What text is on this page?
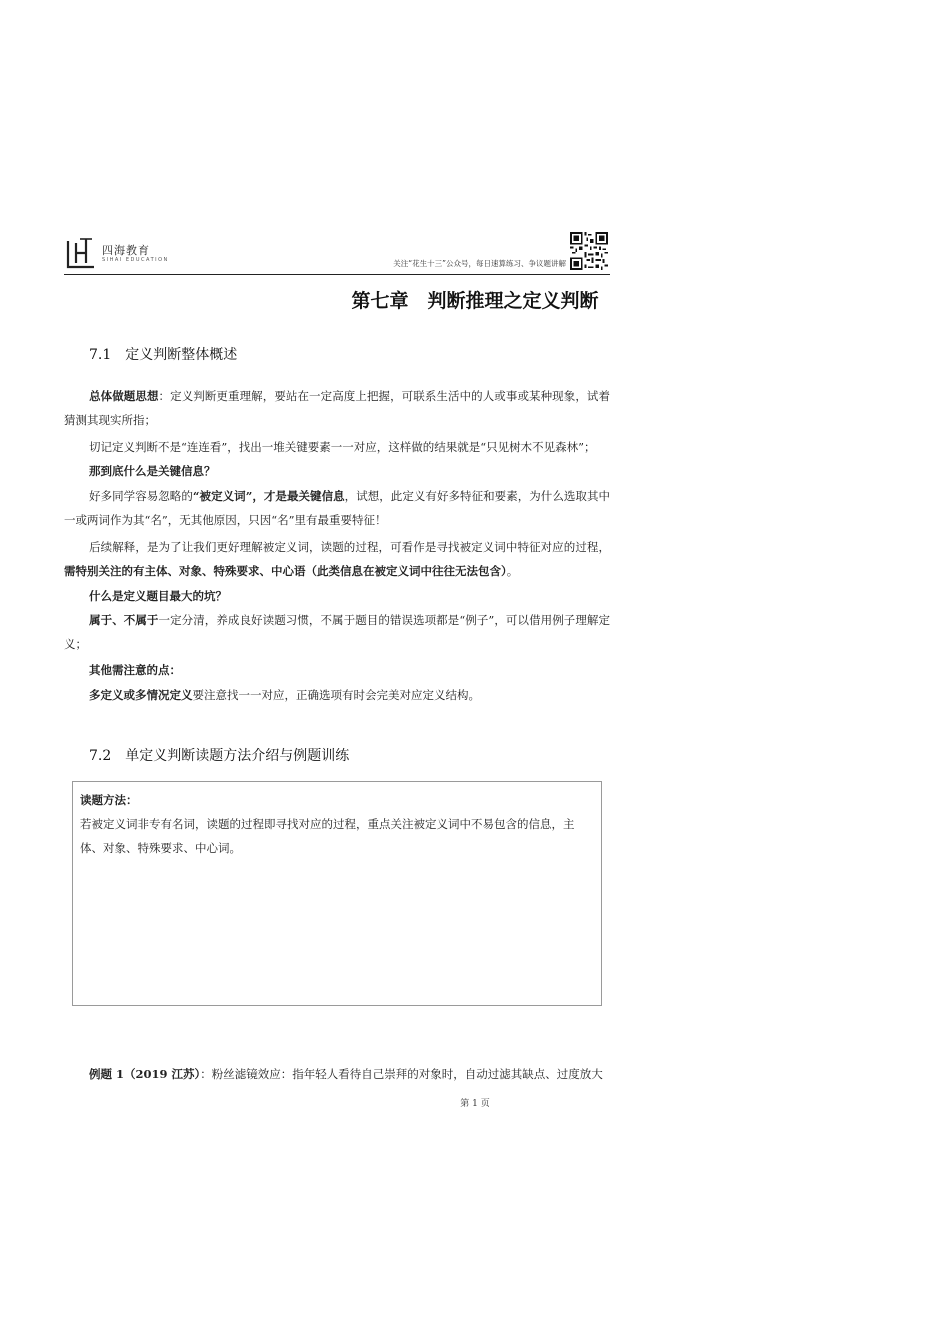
四海教育
SIHAI EDUCATION	关注“花生十三”公众号，每日速算练习、争议题讲解
第七章　判断推理之定义判断
7.1　定义判断整体概述
总体做题思想：定义判断更重理解，要站在一定高度上把握，可联系生活中的人或事或某种现象，试着猜测其现实所指；
切记定义判断不是“连连看”，找出一堆关键要素一一对应，这样做的结果就是“只见树木不见森林”；
那到底什么是关键信息？
好多同学容易忽略的“被定义词”，才是最关键信息，试想，此定义有好多特征和要素，为什么选取其中一或两词作为其“名”，无其他原因，只因“名”里有最重要特征！
后续解释，是为了让我们更好理解被定义词，读题的过程，可看作是寻找被定义词中特征对应的过程，需特别关注的有主体、对象、特殊要求、中心语（此类信息在被定义词中往往无法包含）。
什么是定义题目最大的坑？
属于、不属于一定分清，养成良好读题习惯，不属于题目的错误选项都是“例子”，可以借用例子理解定义；
其他需注意的点：
多定义或多情况定义要注意找一一对应，正确选项有时会完美对应定义结构。
7.2　单定义判断读题方法介绍与例题训练
读题方法：
若被定义词非专有名词，读题的过程即寻找对应的过程，重点关注被定义词中不易包含的信息，主体、对象、特殊要求、中心词。
例题 1（2019 江苏）：粉丝滤镜效应：指年轻人看待自己崇拜的对象时，自动过滤其缺点、过度放大
第 1 页
